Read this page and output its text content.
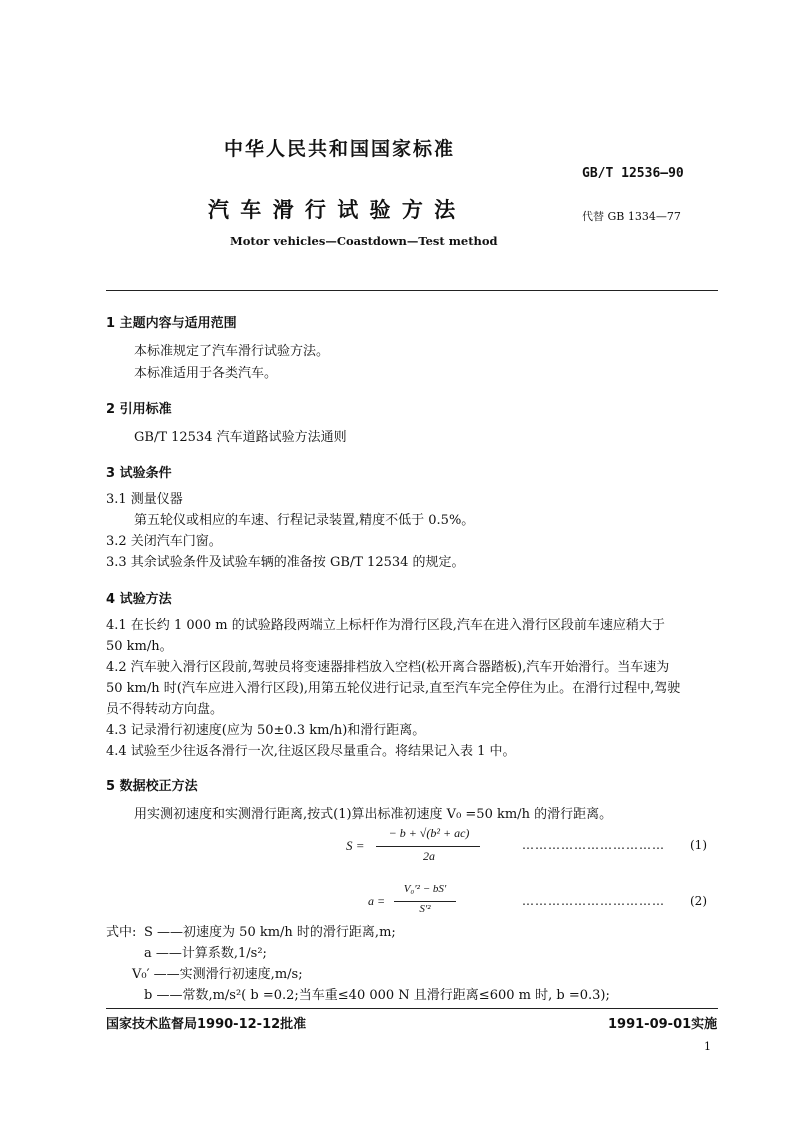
中华人民共和国国家标准
GB/T 12536—90
汽 车 滑 行 试 验 方 法	代替 GB 1334—77
Motor vehicles—Coastdown—Test method
1 主题内容与适用范围
本标准规定了汽车滑行试验方法。
本标准适用于各类汽车。
2 引用标准
GB/T 12534 汽车道路试验方法通则
3 试验条件
3.1 测量仪器
第五轮仪或相应的车速、行程记录装置,精度不低于 0.5%。
3.2 关闭汽车门窗。
3.3 其余试验条件及试验车辆的准备按 GB/T 12534 的规定。
4 试验方法
4.1 在长约 1 000 m 的试验路段两端立上标杆作为滑行区段,汽车在进入滑行区段前车速应稍大于
50 km/h。
4.2 汽车驶入滑行区段前,驾驶员将变速器排档放入空档(松开离合器踏板),汽车开始滑行。当车速为
50 km/h 时(汽车应进入滑行区段),用第五轮仪进行记录,直至汽车完全停住为止。在滑行过程中,驾驶
员不得转动方向盘。
4.3 记录滑行初速度(应为 50±0.3 km/h)和滑行距离。
4.4 试验至少往返各滑行一次,往返区段尽量重合。将结果记入表 1 中。
5 数据校正方法
用实测初速度和实测滑行距离,按式(1)算出标准初速度 V₀ =50 km/h 的滑行距离。
S =
− b + √(b² + ac)
2a
…………………………… (1)
a =
V₀′² − bS′
S′²
…………………………… (2)
式中: S ——初速度为 50 km/h 时的滑行距离,m;
a ——计算系数,1/s²;
V₀′ ——实测滑行初速度,m/s;
b ——常数,m/s²( b =0.2;当车重≤40 000 N 且滑行距离≤600 m 时, b =0.3);
国家技术监督局1990-12-12批准	1991-09-01实施
1
